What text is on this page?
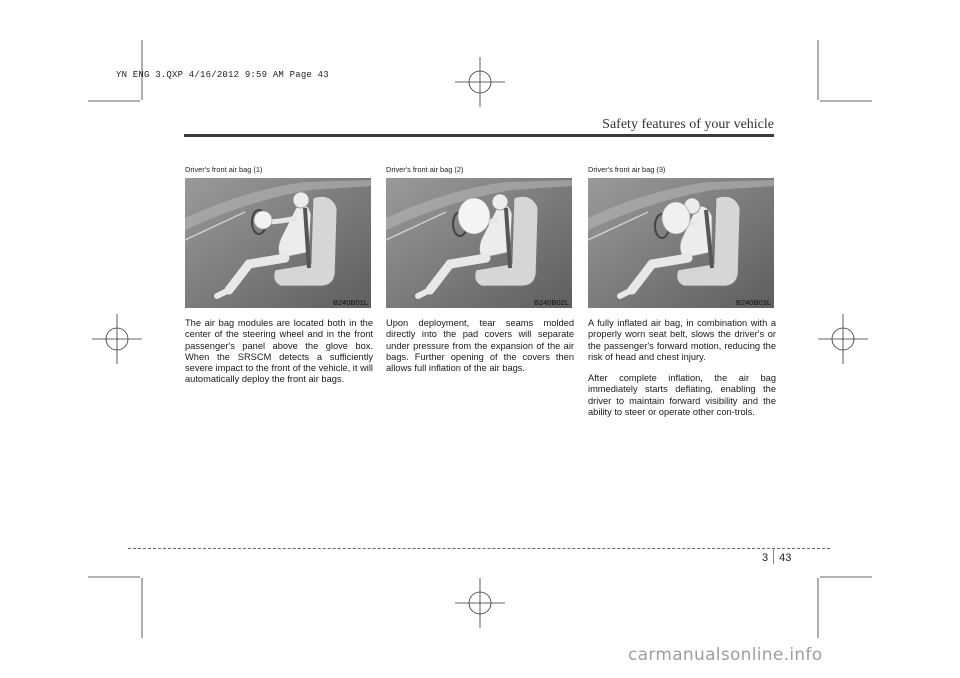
YN ENG 3.QXP 4/16/2012 9:59 AM Page 43
Safety features of your vehicle
Driver's front air bag (1)
B240B01L

The air bag modules are located both in the center of the steering wheel and in the front passenger's panel above the glove box. When the SRSCM detects a sufficiently severe impact to the front of the vehicle, it will automatically deploy the front air bags.

Driver's front air bag (2)
B240B02L

Upon deployment, tear seams molded directly into the pad covers will separate under pressure from the expansion of the air bags. Further opening of the covers then allows full inflation of the air bags.

Driver's front air bag (3)
B240B03L

A fully inflated air bag, in combination with a properly worn seat belt, slows the driver's or the passenger's forward motion, reducing the risk of head and chest injury.

After complete inflation, the air bag immediately starts deflating, enabling the driver to maintain forward visibility and the ability to steer or operate other con-trols.

3	43
carmanualsonline.info
